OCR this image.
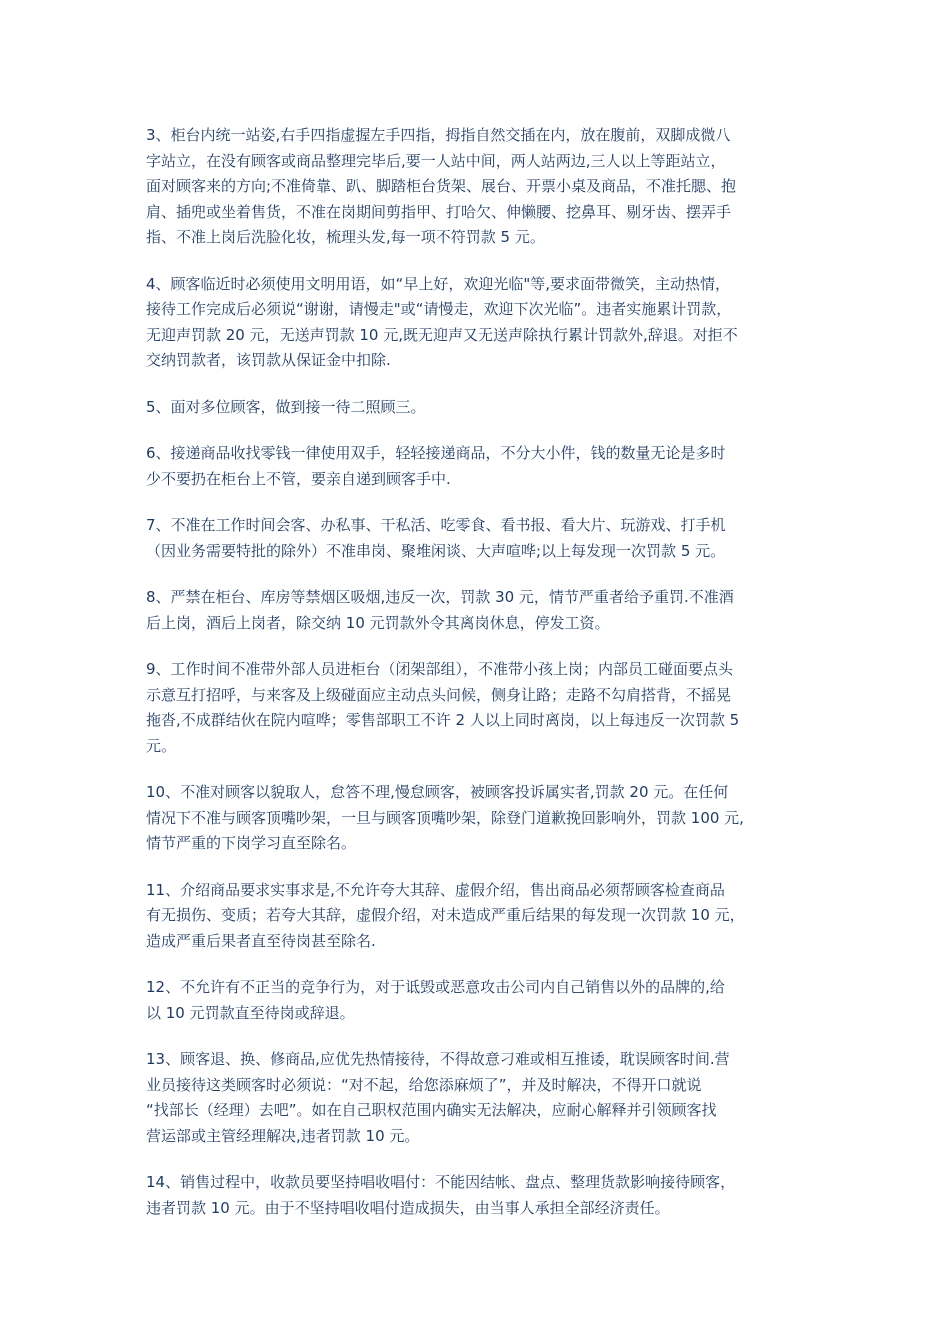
3、柜台内统一站姿,右手四指虚握左手四指，拇指自然交插在内，放在腹前，双脚成微八
字站立，在没有顾客或商品整理完毕后,要一人站中间，两人站两边,三人以上等距站立，
面对顾客来的方向;不准倚靠、趴、脚踏柜台货架、展台、开票小桌及商品，不准托腮、抱
肩、插兜或坐着售货，不准在岗期间剪指甲、打哈欠、伸懒腰、挖鼻耳、剔牙齿、摆弄手
指、不准上岗后洗脸化妆，梳理头发,每一项不符罚款 5 元。

4、顾客临近时必须使用文明用语，如“早上好，欢迎光临"等,要求面带微笑，主动热情，
接待工作完成后必须说“谢谢，请慢走"或“请慢走，欢迎下次光临”。违者实施累计罚款，
无迎声罚款 20 元，无送声罚款 10 元,既无迎声又无送声除执行累计罚款外,辞退。对拒不
交纳罚款者，该罚款从保证金中扣除.

5、面对多位顾客，做到接一待二照顾三。

6、接递商品收找零钱一律使用双手，轻轻接递商品，不分大小件，钱的数量无论是多时
少不要扔在柜台上不管，要亲自递到顾客手中.

7、不准在工作时间会客、办私事、干私活、吃零食、看书报、看大片、玩游戏、打手机
（因业务需要特批的除外）不准串岗、聚堆闲谈、大声喧哗;以上每发现一次罚款 5 元。

8、严禁在柜台、库房等禁烟区吸烟,违反一次，罚款 30 元，情节严重者给予重罚.不准酒
后上岗，酒后上岗者，除交纳 10 元罚款外令其离岗休息，停发工资。

9、工作时间不准带外部人员进柜台（闭架部组），不准带小孩上岗；内部员工碰面要点头
示意互打招呼，与来客及上级碰面应主动点头问候，侧身让路；走路不勾肩搭背，不摇晃
拖沓,不成群结伙在院内喧哗；零售部职工不许 2 人以上同时离岗，以上每违反一次罚款 5
元。

10、不准对顾客以貌取人，怠答不理,慢怠顾客，被顾客投诉属实者,罚款 20 元。在任何
情况下不准与顾客顶嘴吵架，一旦与顾客顶嘴吵架，除登门道歉挽回影响外，罚款 100 元,
情节严重的下岗学习直至除名。

11、介绍商品要求实事求是,不允许夸大其辞、虚假介绍，售出商品必须帮顾客检查商品
有无损伤、变质；若夸大其辞，虚假介绍，对未造成严重后结果的每发现一次罚款 10 元，
造成严重后果者直至待岗甚至除名.

12、不允许有不正当的竞争行为，对于诋毁或恶意攻击公司内自己销售以外的品牌的,给
以 10 元罚款直至待岗或辞退。

13、顾客退、换、修商品,应优先热情接待，不得故意刁难或相互推诿，耽误顾客时间.营
业员接待这类顾客时必须说：“对不起，给您添麻烦了”，并及时解决，不得开口就说
“找部长（经理）去吧”。如在自己职权范围内确实无法解决，应耐心解释并引领顾客找
营运部或主管经理解决,违者罚款 10 元。

14、销售过程中，收款员要坚持唱收唱付：不能因结帐、盘点、整理货款影响接待顾客，
违者罚款 10 元。由于不坚持唱收唱付造成损失，由当事人承担全部经济责任。
